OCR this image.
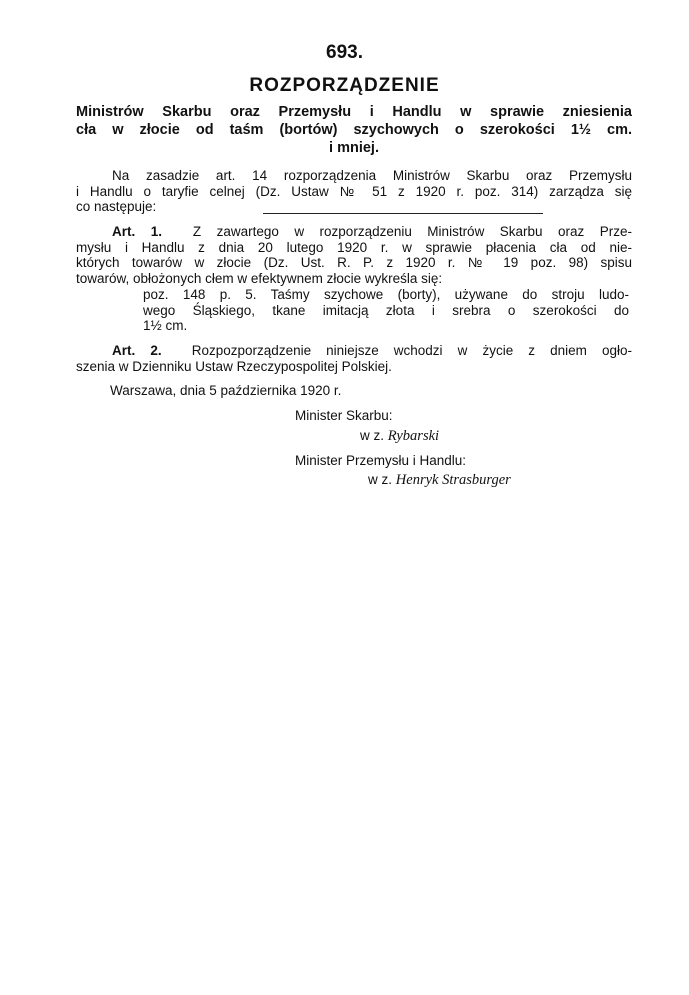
693.
ROZPORZĄDZENIE
Ministrów Skarbu oraz Przemysłu i Handlu w sprawie zniesienia
cła w złocie od taśm (bortów) szychowych o szerokości 1½ cm.
i mniej.
Na zasadzie art. 14 rozporządzenia Ministrów Skarbu oraz Przemysłu
i Handlu o taryfie celnej (Dz. Ustaw № 51 z 1920 r. poz. 314) zarządza się
co następuje:
Art. 1. Z zawartego w rozporządzeniu Ministrów Skarbu oraz Prze-
mysłu i Handlu z dnia 20 lutego 1920 r. w sprawie płacenia cła od nie-
których towarów w złocie (Dz. Ust. R. P. z 1920 r. № 19 poz. 98) spisu
towarów, obłożonych cłem w efektywnem złocie wykreśla się:
poz. 148 p. 5. Taśmy szychowe (borty), używane do stroju ludo-
wego Śląskiego, tkane imitacją złota i srebra o szerokości do
1½ cm.
Art. 2. Rozpozporządzenie niniejsze wchodzi w życie z dniem ogło-
szenia w Dzienniku Ustaw Rzeczypospolitej Polskiej.
Warszawa, dnia 5 października 1920 r.
Minister Skarbu:
w z. Rybarski
Minister Przemysłu i Handlu:
w z. Henryk Strasburger
